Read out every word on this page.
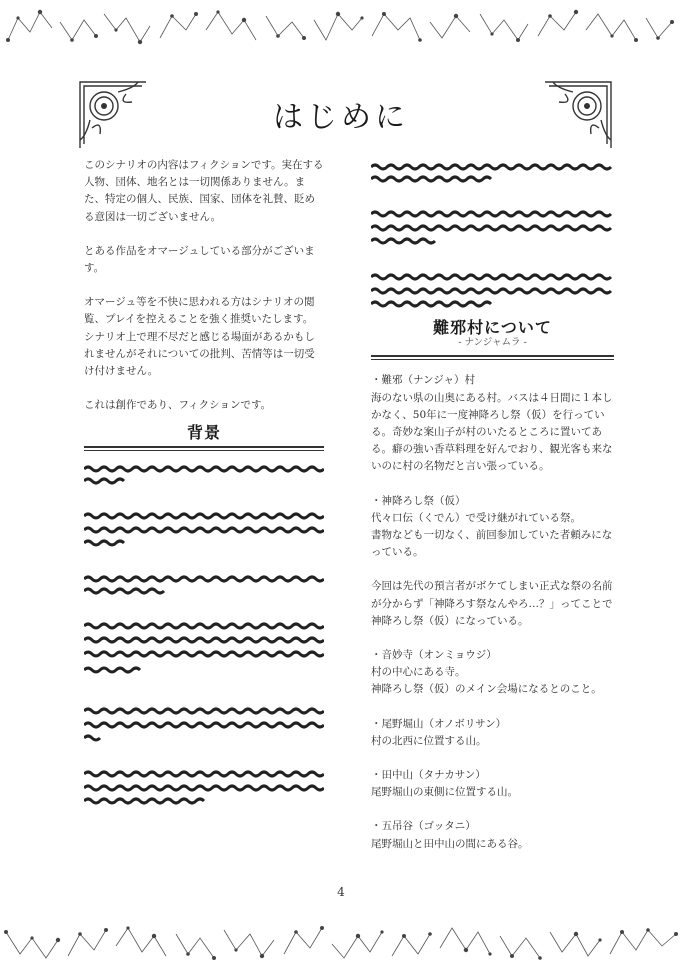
はじめに

このシナリオの内容はフィクションです。実在する人物、団体、地名とは一切関係ありません。また、特定の個人、民族、国家、団体を礼賛、貶める意図は一切ございません。

とある作品をオマージュしている部分がございます。

オマージュ等を不快に思われる方はシナリオの閲覧、プレイを控えることを強く推奨いたします。
シナリオ上で理不尽だと感じる場面があるかもしれませんがそれについての批判、苦情等は一切受け付けません。

これは創作であり、フィクションです。

背景
難邪村について
- ナンジャムラ -
・難邪（ナンジャ）村

海のない県の山奥にある村。バスは４日間に１本しかなく、50年に一度神降ろし祭（仮）を行っている。奇妙な案山子が村のいたるところに置いてある。癖の強い香草料理を好んでおり、観光客も来ないのに村の名物だと言い張っている。

・神降ろし祭（仮）

代々口伝（くでん）で受け継がれている祭。
書物なども一切なく、前回参加していた者頼みになっている。

今回は先代の預言者がボケてしまい正式な祭の名前が分からず「神降ろす祭なんやろ…？」ってことで神降ろし祭（仮）になっている。

・音妙寺（オンミョウジ）

村の中心にある寺。
神降ろし祭（仮）のメイン会場になるとのこと。

・尾野堀山（オノボリサン）

村の北西に位置する山。

・田中山（タナカサン）

尾野堀山の東側に位置する山。

・五吊谷（ゴッタニ）

尾野堀山と田中山の間にある谷。

4
